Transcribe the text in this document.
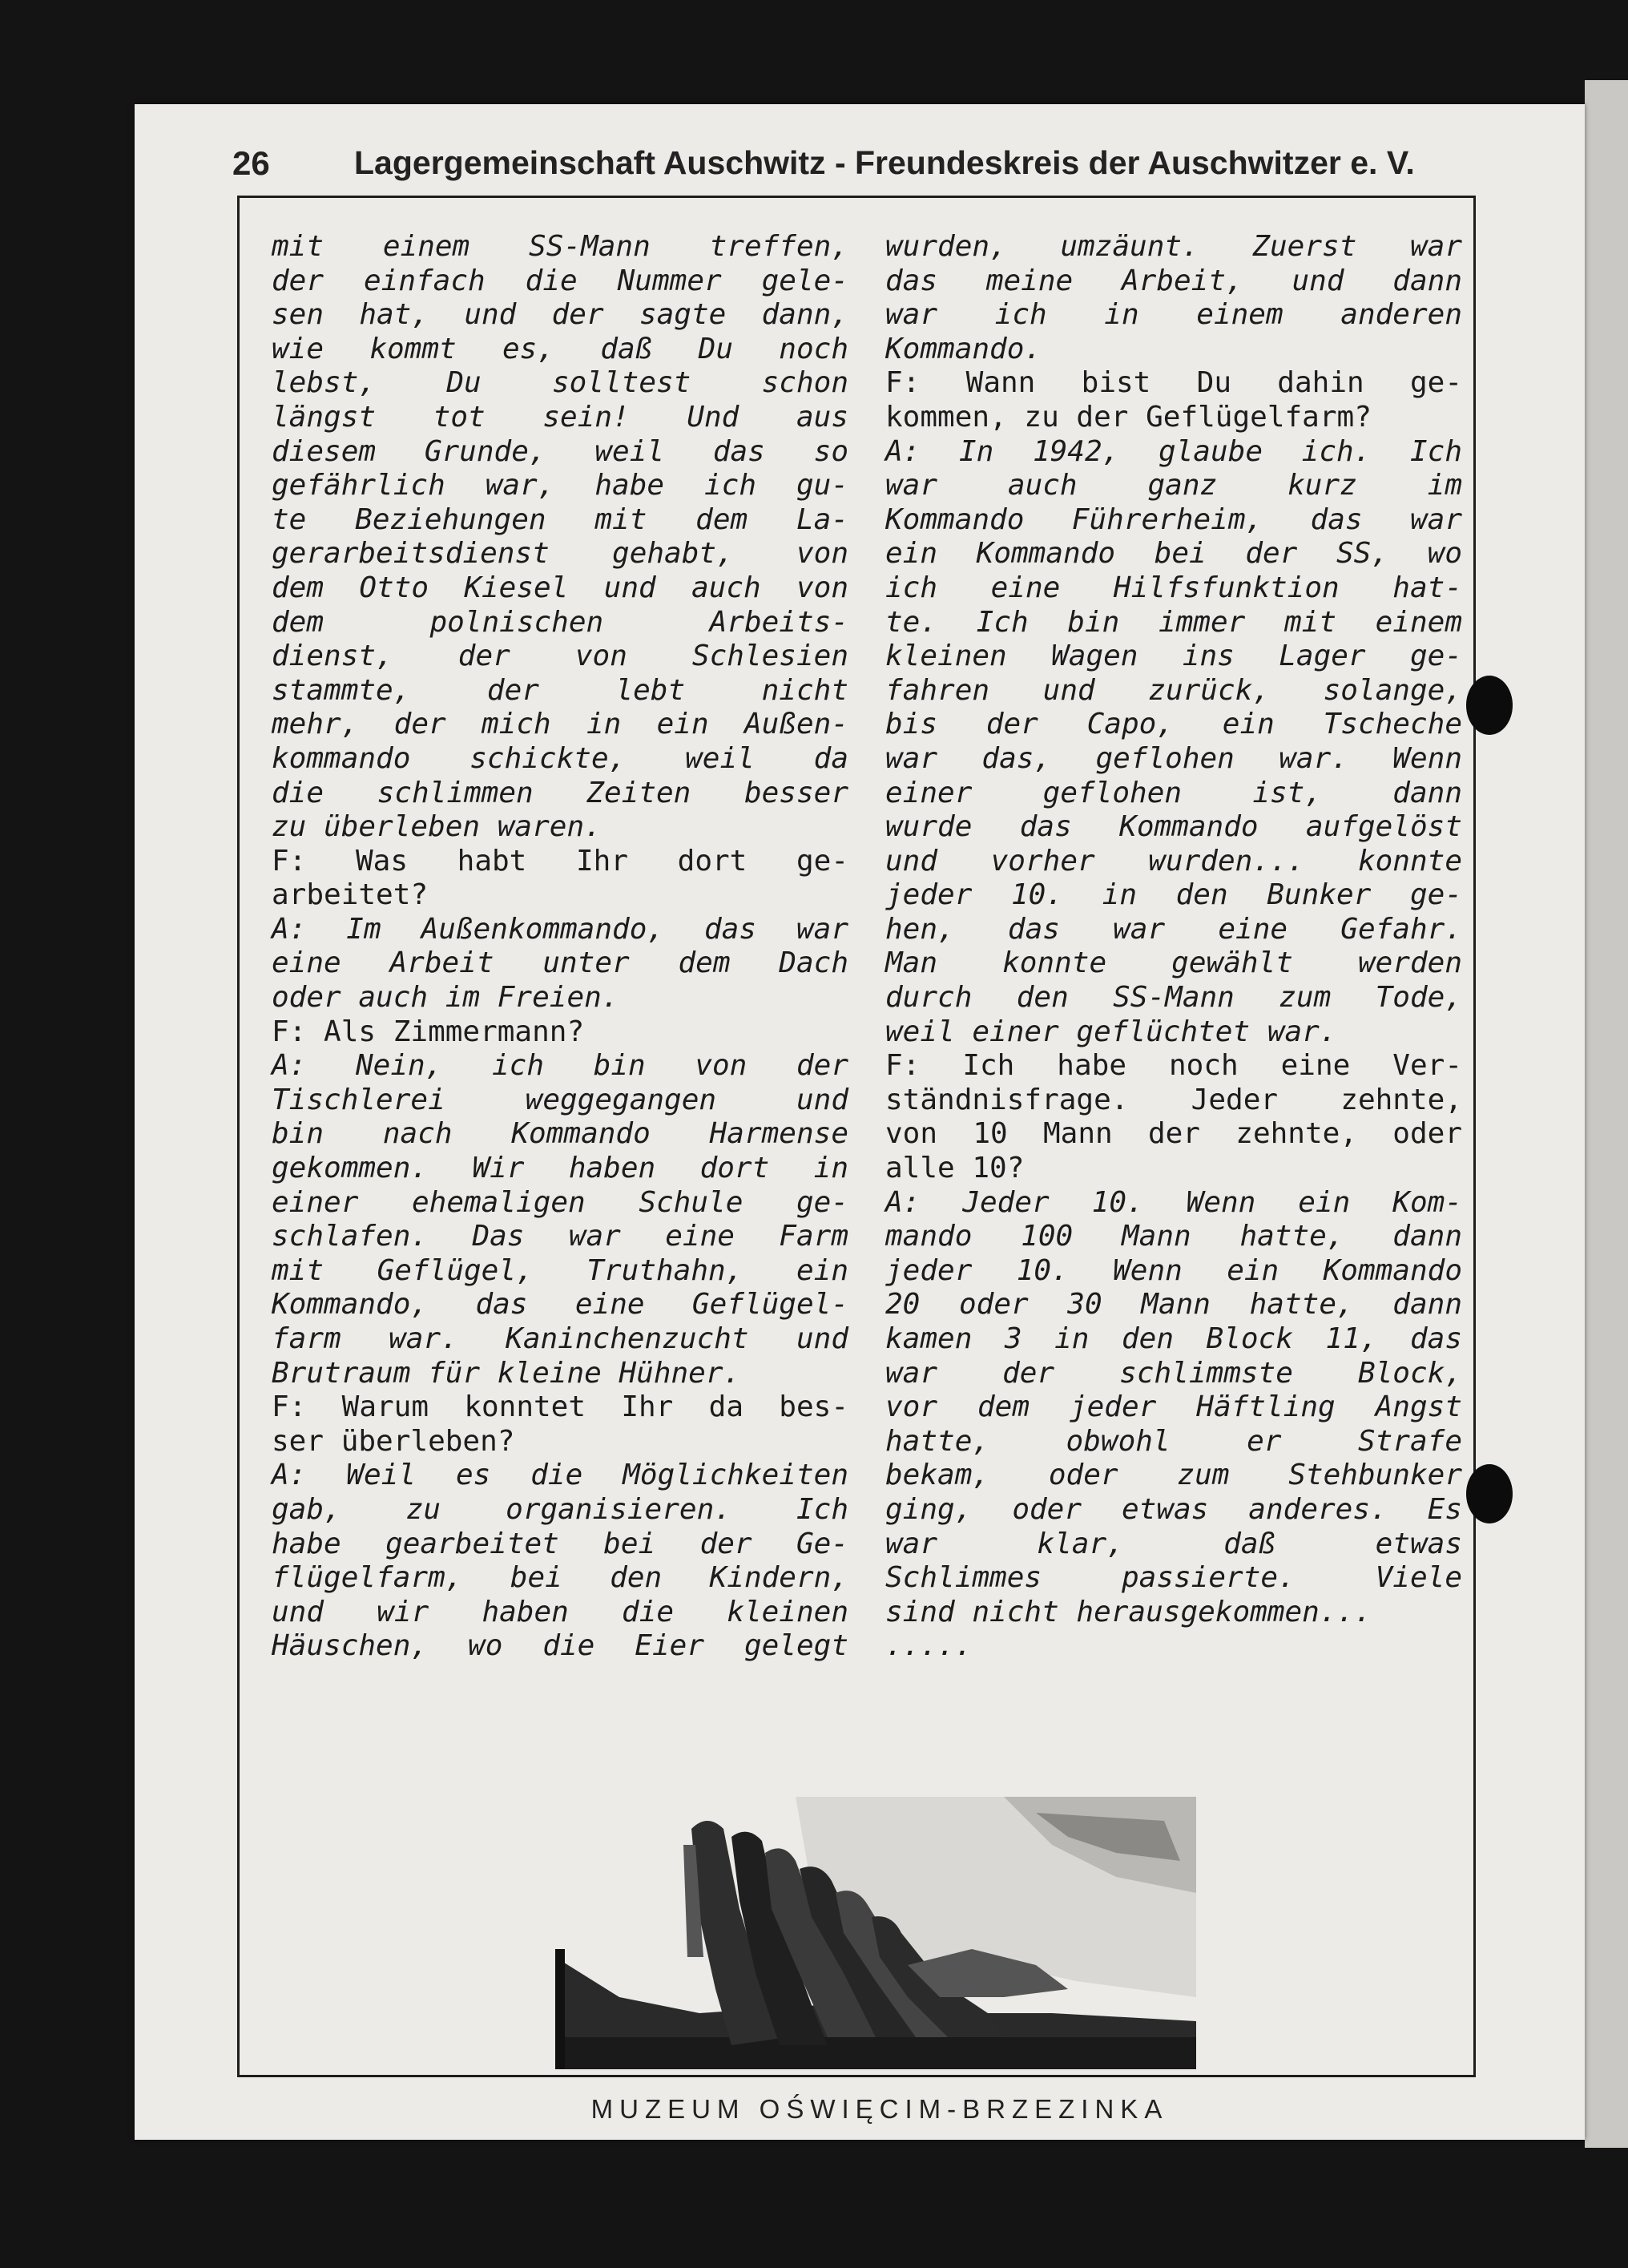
26	Lagergemeinschaft Auschwitz - Freundeskreis der Auschwitzer e. V.
mit einem SS-Mann treffen,
der einfach die Nummer gele-
sen hat, und der sagte dann,
wie kommt es, daß Du noch
lebst, Du solltest schon
längst tot sein! Und aus
diesem Grunde, weil das so
gefährlich war, habe ich gu-
te Beziehungen mit dem La-
gerarbeitsdienst gehabt, von
dem Otto Kiesel und auch von
dem polnischen Arbeits-
dienst, der von Schlesien
stammte, der lebt nicht
mehr, der mich in ein Außen-
kommando schickte, weil da
die schlimmen Zeiten besser
zu überleben waren.
F: Was habt Ihr dort ge-
arbeitet?
A: Im Außenkommando, das war
eine Arbeit unter dem Dach
oder auch im Freien.
F: Als Zimmermann?
A: Nein, ich bin von der
Tischlerei weggegangen und
bin nach Kommando Harmense
gekommen. Wir haben dort in
einer ehemaligen Schule ge-
schlafen. Das war eine Farm
mit Geflügel, Truthahn, ein
Kommando, das eine Geflügel-
farm war. Kaninchenzucht und
Brutraum für kleine Hühner.
F: Warum konntet Ihr da bes-
ser überleben?
A: Weil es die Möglichkeiten
gab, zu organisieren. Ich
habe gearbeitet bei der Ge-
flügelfarm, bei den Kindern,
und wir haben die kleinen
Häuschen, wo die Eier gelegt
wurden, umzäunt. Zuerst war
das meine Arbeit, und dann
war ich in einem anderen
Kommando.
F: Wann bist Du dahin ge-
kommen, zu der Geflügelfarm?
A: In 1942, glaube ich. Ich
war auch ganz kurz im
Kommando Führerheim, das war
ein Kommando bei der SS, wo
ich eine Hilfsfunktion hat-
te. Ich bin immer mit einem
kleinen Wagen ins Lager ge-
fahren und zurück, solange,
bis der Capo, ein Tscheche
war das, geflohen war. Wenn
einer geflohen ist, dann
wurde das Kommando aufgelöst
und vorher wurden... konnte
jeder 10. in den Bunker ge-
hen, das war eine Gefahr.
Man konnte gewählt werden
durch den SS-Mann zum Tode,
weil einer geflüchtet war.
F: Ich habe noch eine Ver-
ständnisfrage. Jeder zehnte,
von 10 Mann der zehnte, oder
alle 10?
A: Jeder 10. Wenn ein Kom-
mando 100 Mann hatte, dann
jeder 10. Wenn ein Kommando
20 oder 30 Mann hatte, dann
kamen 3 in den Block 11, das
war der schlimmste Block,
vor dem jeder Häftling Angst
hatte, obwohl er Strafe
bekam, oder zum Stehbunker
ging, oder etwas anderes. Es
war klar, daß etwas
Schlimmes passierte. Viele
sind nicht herausgekommen...
.....
MUZEUM OŚWIĘCIM-BRZEZINKA
